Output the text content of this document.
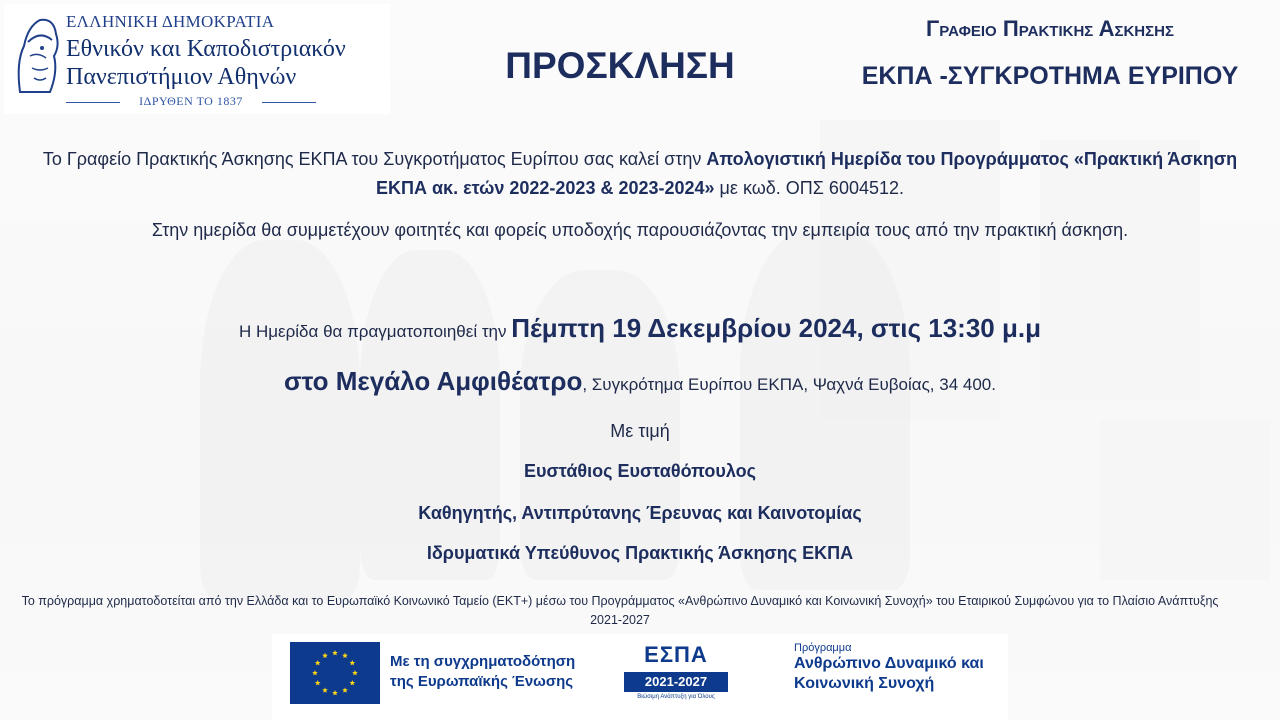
ΕΛΛΗΝΙΚΗ ΔΗΜΟΚΡΑΤΙΑ
Εθνικόν και Καποδιστριακόν
Πανεπιστήμιον Αθηνών
ΙΔΡΥΘΕΝ ΤΟ 1837
ΠΡΟΣΚΛΗΣΗ
Γραφειο Πρακτικης Ασκησης
ΕΚΠΑ -ΣΥΓΚΡΟΤΗΜΑ ΕΥΡΙΠΟΥ
Το Γραφείο Πρακτικής Άσκησης ΕΚΠΑ του Συγκροτήματος Ευρίπου σας καλεί στην Απολογιστική Ημερίδα του Προγράμματος «Πρακτική Άσκηση ΕΚΠΑ ακ. ετών 2022-2023 & 2023-2024» με κωδ. ΟΠΣ 6004512.
Στην ημερίδα θα συμμετέχουν φοιτητές και φορείς υποδοχής παρουσιάζοντας την εμπειρία τους από την πρακτική άσκηση.
Η Ημερίδα θα πραγματοποιηθεί την Πέμπτη 19 Δεκεμβρίου 2024, στις 13:30 μ.μ
στο Μεγάλο Αμφιθέατρο, Συγκρότημα Ευρίπου ΕΚΠΑ, Ψαχνά Ευβοίας, 34 400.
Με τιμή
Ευστάθιος Ευσταθόπουλος
Καθηγητής, Αντιπρύτανης Έρευνας και Καινοτομίας
Ιδρυματικά Υπεύθυνος Πρακτικής Άσκησης ΕΚΠΑ
Το πρόγραμμα χρηματοδοτείται από την Ελλάδα και το Ευρωπαϊκό Κοινωνικό Ταμείο (ΕΚΤ+) μέσω του Προγράμματος «Ανθρώπινο Δυναμικό και Κοινωνική Συνοχή» του Εταιρικού Συμφώνου για το Πλαίσιο Ανάπτυξης 2021-2027
Με τη συγχρηματοδότηση
της Ευρωπαϊκής Ένωσης
ΕΣΠΑ
2021-2027
Βιώσιμη Ανάπτυξη για Όλους
Πρόγραμμα
Ανθρώπινο Δυναμικό και
Κοινωνική Συνοχή
